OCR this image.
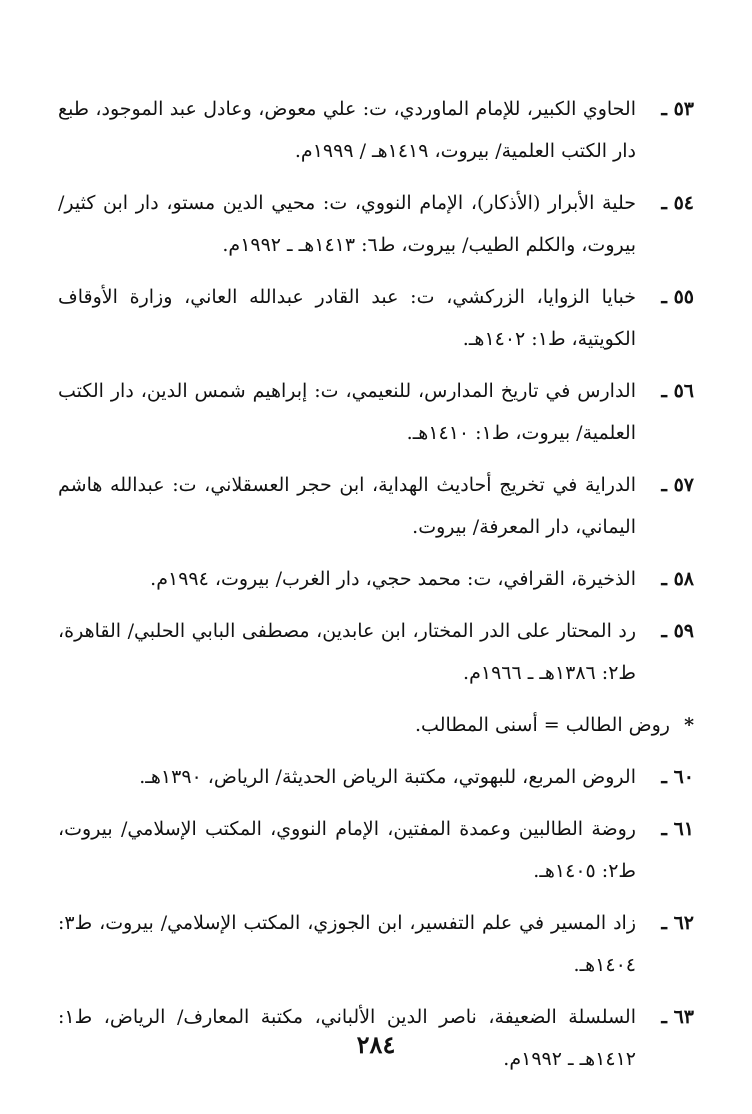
٥٣ ـ
الحاوي الكبير، للإمام الماوردي، ت: علي معوض، وعادل عبد الموجود، طبع دار الكتب العلمية/ بيروت، ١٤١٩هـ / ١٩٩٩م.
٥٤ ـ
حلية الأبرار (الأذكار)، الإمام النووي، ت: محيي الدين مستو، دار ابن كثير/ بيروت، والكلم الطيب/ بيروت، ط٦: ١٤١٣هـ ـ ١٩٩٢م.
٥٥ ـ
خبايا الزوايا، الزركشي، ت: عبد القادر عبدالله العاني، وزارة الأوقاف الكويتية، ط١: ١٤٠٢هـ.
٥٦ ـ
الدارس في تاريخ المدارس، للنعيمي، ت: إبراهيم شمس الدين، دار الكتب العلمية/ بيروت، ط١: ١٤١٠هـ.
٥٧ ـ
الدراية في تخريج أحاديث الهداية، ابن حجر العسقلاني، ت: عبدالله هاشم اليماني، دار المعرفة/ بيروت.
٥٨ ـ
الذخيرة، القرافي، ت: محمد حجي، دار الغرب/ بيروت، ١٩٩٤م.
٥٩ ـ
رد المحتار على الدر المختار، ابن عابدين، مصطفى البابي الحلبي/ القاهرة، ط٢: ١٣٨٦هـ ـ ١٩٦٦م.
*
روض الطالب = أسنى المطالب.
٦٠ ـ
الروض المربع، للبهوتي، مكتبة الرياض الحديثة/ الرياض، ١٣٩٠هـ.
٦١ ـ
روضة الطالبين وعمدة المفتين، الإمام النووي، المكتب الإسلامي/ بيروت، ط٢: ١٤٠٥هـ.
٦٢ ـ
زاد المسير في علم التفسير، ابن الجوزي، المكتب الإسلامي/ بيروت، ط٣: ١٤٠٤هـ.
٦٣ ـ
السلسلة الضعيفة، ناصر الدين الألباني، مكتبة المعارف/ الرياض، ط١: ١٤١٢هـ ـ ١٩٩٢م.
٢٨٤
